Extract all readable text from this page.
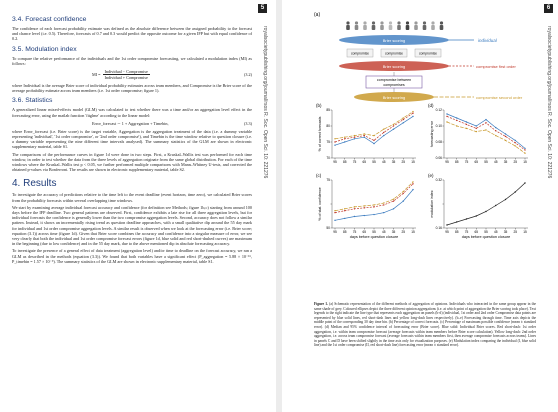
5
royalsocietypublishing.org/journal/rsos R. Soc. Open Sci. 10: 221276
3.4. Forecast confidence

The confidence of each forecast probability estimate was defined as the absolute difference between the assigned probability to the forecast and chance level (i.e. 0.5). Therefore, forecasts of 0.7 and 0.3 would predict the opposite outcome for a given IFP but with equal confidence of 0.2.

3.5. Modulation index

To compare the relative performance of the individuals and the 1st order compromise forecasting, we calculated a modulation index (MI) as follows:

MI = $\frac{\text{Individual − Compromise}}{\text{Individual + Compromise}}$	(3.2)

where Individual is the average Brier score of individual probability estimates across team members, and Compromise is the Brier score of the average probability estimate across team members (i.e. 1st order compromise; figure 1).

3.6. Statistics

A generalized linear mixed-effects model (GLM) was calculated to test whether there was a time and/or an aggregation level effect in the forecasting error, using the matlab function 'fitglme' according to the linear model:

Error_forecast ∼ 1 + Aggregation + Timebin,	(3.3)

where Error_forecast (i.e. Brier score) is the target variable, Aggregation is the aggregation treatment of the data (i.e. a dummy variable representing 'individual', '1st order compromise', or '2nd order compromise'), and Timebin is the time window relative to question closure (i.e. a dummy variable representing the nine different time intervals analysed). The summary statistics of the GLM are shown in electronic supplementary material, table S1.

The comparisons of the performance curves in figure 1d were done in two steps. First, a Kruskal–Wallis test was performed for each time window, in order to test whether the data from the three levels of aggregation originate from the same global distribution. For each of the time windows where the Kruskal–Wallis test p < 0.05, we further performed multiple comparisons with Mann–Whitney U-tests, and corrected the obtained p-values via Bonferroni. The results are shown in electronic supplementary material, table S2.

4. Results

To investigate the accuracy of predictions relative to the time left to the event deadline (event horizon, time zero), we calculated Brier scores from the probability forecasts within several overlapping time windows.

We start by examining average individual forecast accuracy and confidence (for definition see Methods; figure 1b,c) starting from around 100 days before the IFP deadline. Two general patterns are observed. First, confidence exhibits a late rise for all three aggregation levels, but for individual forecasts the confidence is generally lower than the two compromise aggregation levels. Second, accuracy does not follow a similar pattern. Instead, it shows an incrementally rising trend as question deadline approaches, with a small qualitative dip around the 55 day mark for individual and 1st order compromise aggregation levels. A similar result is observed when we look at the forecasting error (i.e. Brier score; equation (3.1)) across time (figure 1d). Given that Brier score combines the accuracy and confidence into a singular measure of error, we see very clearly that both the individual and 1st order compromise forecast errors (figure 1d, blue solid and red short-dashed curves) are maximum in the beginning (due to low confidence) and in the 55 day mark, due to the above mentioned dip in absolute forecasting accuracy.

To investigate the presence of a general effect of data treatment (aggregation level) and/or time to deadline on the forecast accuracy, we ran a GLM as described in the methods (equation (3.3)). We found that both variables have a significant effect (P_aggregation = 5.88 × 10⁻¹⁶, P_timebin = 1.57 × 10⁻⁹). The summary statistics of the GLM are shown in electronic supplementary material, table S1.

6
royalsocietypublishing.org/journal/rsos R. Soc. Open Sci. 10: 221276
(a)
Brier scoring	individual
compromise	compromise	compromise
Brier scoring	compromise first order
compromise between
compromises
Brier scoring	compromise second order
(b)
85
80
75
70
95 85 75 65 55 45 35 25 15
% of correct forecasts
(d)
0.12
0.10
0.08
0.06
95 85 75 65 55 45 35 25 15
forecasting error
(c)
75
50
95 85 75 65 55 45 35 25 15
% of stat. confidence
days before question closure
(e)
0.32
0.16
95 85 75 65 55 45 35 25 15
modulation index
days before question closure
Figure 1. (a) Schematic representation of the different methods of aggregation of opinions. Individuals who interacted in the same group appear in the same shade of grey. Coloured ellipses depict the three different opinion aggregations (i.e. at which point of aggregation the Brier scoring took place). Text legends to the right indicate the line type that represents each aggregation on panels (b-d) (individual, 1st order and 2nd order Compromise data points are represented by blue solid lines, red short-dash lines and yellow long-dash lines respectively). (b–e) Forecasting through time. Time axis depicts the middle point of the corresponding 30 day time bin. (b) Percentage of correct forecasts. (c) Percentage of maximum possible confidence (mean ± standard error). (d) Median and 95% confidence interval of forecasting error (Brier score). Blue solid: Individual Brier scores. Red short-dash: 1st order aggregation, i.e. within team compromise forecast (average forecasts within team members before Brier score calculation). Yellow long-dash: 2nd order aggregation, i.e. across team compromise forecast (average forecasts within team members first, then average compromise forecasts across teams). Lines in panels C and D have been shifted slightly in the time axis only for visualization purposes. (e) Modulation index comparing the individual (I, blue solid line) and the 1st order compromise (II, red short-dash line) forecasting error (mean ± standard error).
